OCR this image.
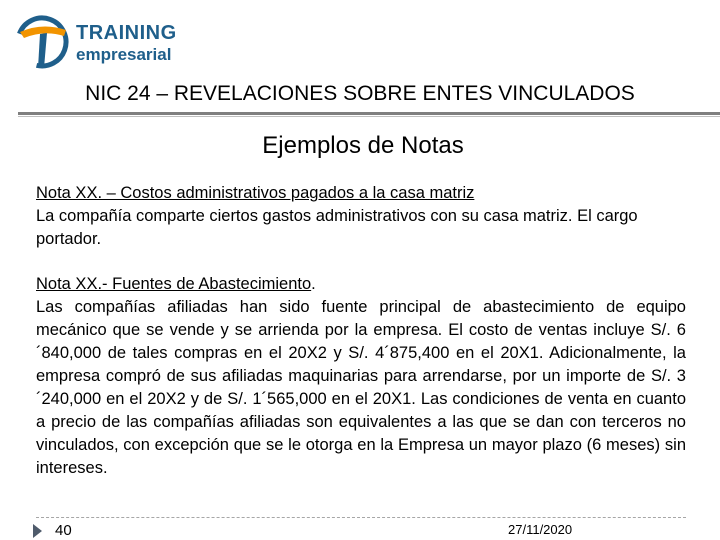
TRAINING
empresarial
NIC 24 – REVELACIONES SOBRE ENTES VINCULADOS
Ejemplos de Notas
Nota XX. – Costos administrativos pagados a la casa matriz
La compañía comparte ciertos gastos administrativos con su casa matriz. El cargo portador.
Nota XX.- Fuentes de Abastecimiento.
Las compañías afiliadas han sido fuente principal de abastecimiento de equipo mecánico que se vende y se arrienda por la empresa. El costo de ventas incluye S/. 6´840,000 de tales compras en el 20X2 y S/. 4´875,400 en el 20X1. Adicionalmente, la empresa compró de sus afiliadas maquinarias para arrendarse, por un importe de S/. 3´240,000 en el 20X2 y de S/. 1´565,000 en el 20X1. Las condiciones de venta en cuanto a precio de las compañías afiliadas son equivalentes a las que se dan con terceros no vinculados, con excepción que se le otorga en la Empresa un mayor plazo (6 meses) sin intereses.
40	27/11/2020
